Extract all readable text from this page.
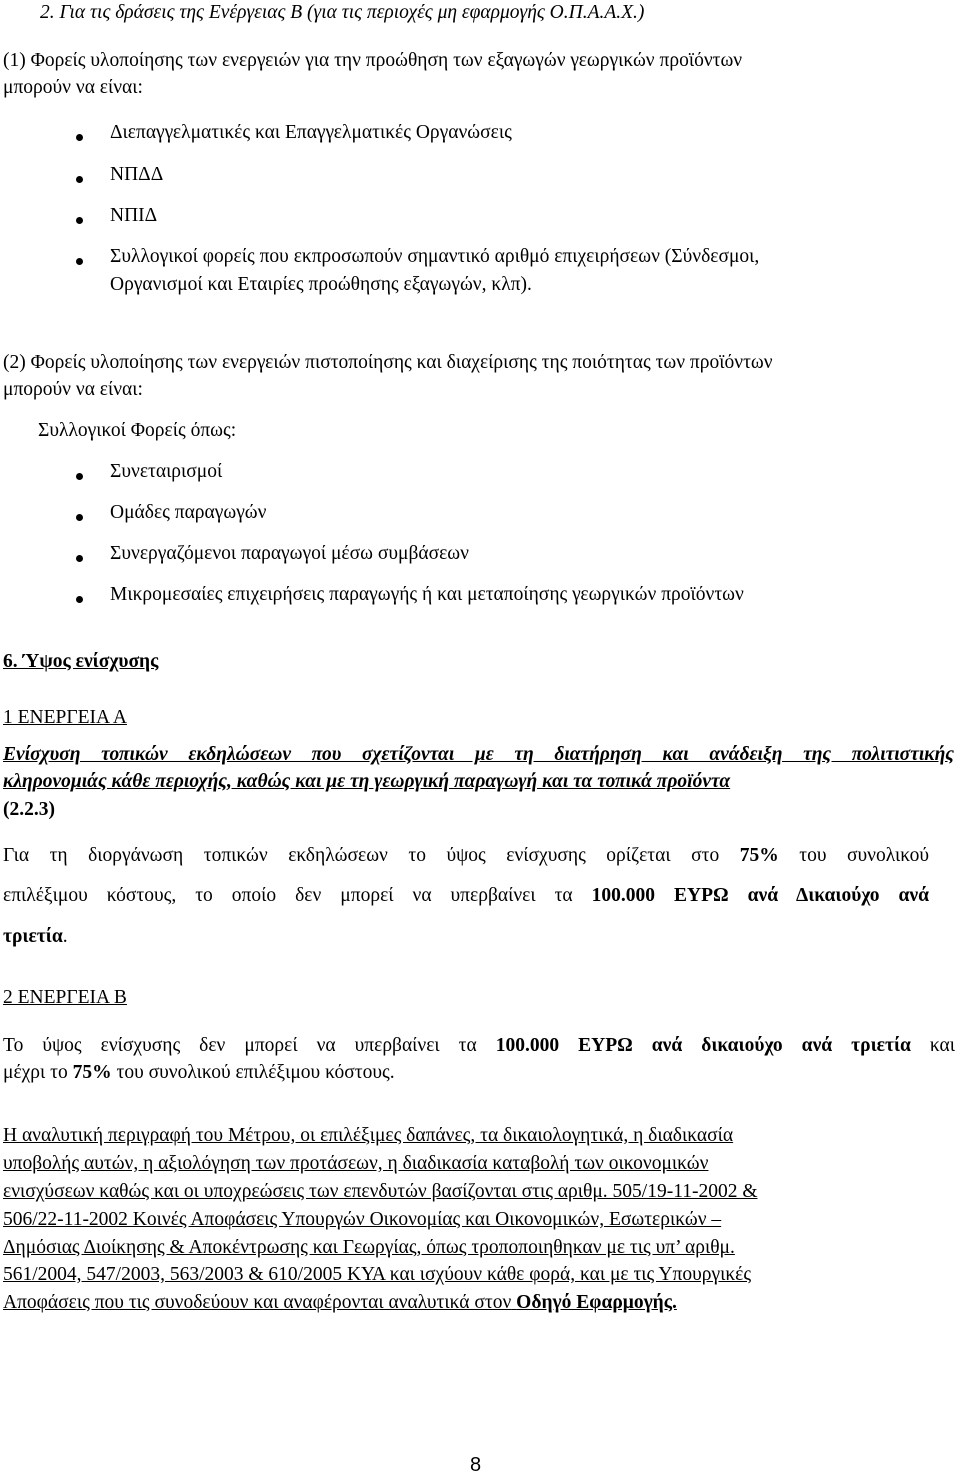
2. Για τις δράσεις της Ενέργειας Β (για τις περιοχές μη εφαρμογής Ο.Π.Α.Α.Χ.)
(1) Φορείς υλοποίησης των ενεργειών για την προώθηση των εξαγωγών γεωργικών προϊόντων
μπορούν να είναι:
Διεπαγγελματικές και Επαγγελματικές Οργανώσεις
ΝΠΔΔ
ΝΠΙΔ
Συλλογικοί φορείς που εκπροσωπούν σημαντικό αριθμό επιχειρήσεων (Σύνδεσμοι,
Οργανισμοί και Εταιρίες προώθησης εξαγωγών, κλπ).
(2) Φορείς υλοποίησης των ενεργειών πιστοποίησης και διαχείρισης της ποιότητας των προϊόντων
μπορούν να είναι:
Συλλογικοί Φορείς όπως:
Συνεταιρισμοί
Ομάδες παραγωγών
Συνεργαζόμενοι παραγωγοί μέσω συμβάσεων
Μικρομεσαίες επιχειρήσεις παραγωγής ή και μεταποίησης γεωργικών προϊόντων
6. Ύψος ενίσχυσης
1 ΕΝΕΡΓΕΙΑ Α
Ενίσχυση τοπικών εκδηλώσεων που σχετίζονται με τη διατήρηση και ανάδειξη της πολιτιστικής
κληρονομιάς κάθε περιοχής, καθώς και με τη γεωργική παραγωγή και τα τοπικά προϊόντα
(2.2.3)
Για τη διοργάνωση τοπικών εκδηλώσεων το ύψος ενίσχυσης ορίζεται στο 75% του συνολικού
επιλέξιμου κόστους, το οποίο δεν μπορεί να υπερβαίνει τα 100.000 ΕΥΡΩ ανά Δικαιούχο ανά
τριετία.
2 ΕΝΕΡΓΕΙΑ Β
Το ύψος ενίσχυσης δεν μπορεί να υπερβαίνει τα 100.000 ΕΥΡΩ ανά δικαιούχο ανά τριετία και
μέχρι το 75% του συνολικού επιλέξιμου κόστους.
Η αναλυτική περιγραφή του Μέτρου, οι επιλέξιμες δαπάνες, τα δικαιολογητικά, η διαδικασία
υποβολής αυτών, η αξιολόγηση των προτάσεων, η διαδικασία καταβολή των οικονομικών
ενισχύσεων καθώς και οι υποχρεώσεις των επενδυτών βασίζονται στις αριθμ. 505/19-11-2002 &
506/22-11-2002 Κοινές Αποφάσεις Υπουργών Οικονομίας και Οικονομικών, Εσωτερικών –
Δημόσιας Διοίκησης & Αποκέντρωσης και Γεωργίας, όπως τροποποιηθηκαν με τις υπ’ αριθμ.
561/2004, 547/2003, 563/2003 & 610/2005 ΚΥΑ και ισχύουν κάθε φορά, και με τις Υπουργικές
Αποφάσεις που τις συνοδεύουν και αναφέρονται αναλυτικά στον Οδηγό Εφαρμογής.
8
